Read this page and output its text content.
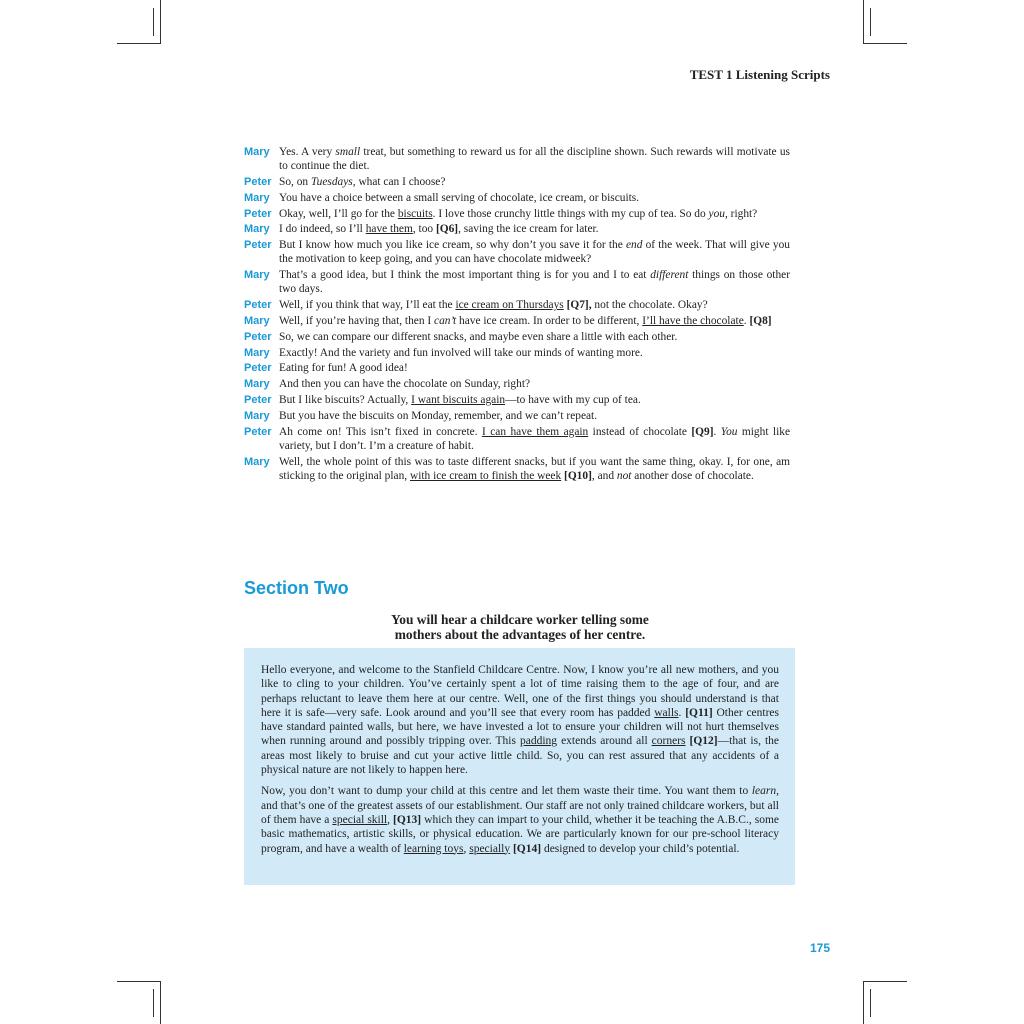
TEST 1 Listening Scripts
Mary Yes. A very small treat, but something to reward us for all the discipline shown. Such rewards will motivate us to continue the diet.
Peter So, on Tuesdays, what can I choose?
Mary You have a choice between a small serving of chocolate, ice cream, or biscuits.
Peter Okay, well, I’ll go for the biscuits. I love those crunchy little things with my cup of tea. So do you, right?
Mary I do indeed, so I’ll have them, too [Q6], saving the ice cream for later.
Peter But I know how much you like ice cream, so why don’t you save it for the end of the week. That will give you the motivation to keep going, and you can have chocolate midweek?
Mary That’s a good idea, but I think the most important thing is for you and I to eat different things on those other two days.
Peter Well, if you think that way, I’ll eat the ice cream on Thursdays [Q7], not the chocolate. Okay?
Mary Well, if you’re having that, then I can’t have ice cream. In order to be different, I’ll have the chocolate. [Q8]
Peter So, we can compare our different snacks, and maybe even share a little with each other.
Mary Exactly! And the variety and fun involved will take our minds of wanting more.
Peter Eating for fun! A good idea!
Mary And then you can have the chocolate on Sunday, right?
Peter But I like biscuits? Actually, I want biscuits again—to have with my cup of tea.
Mary But you have the biscuits on Monday, remember, and we can’t repeat.
Peter Ah come on! This isn’t fixed in concrete. I can have them again instead of chocolate [Q9]. You might like variety, but I don’t. I’m a creature of habit.
Mary Well, the whole point of this was to taste different snacks, but if you want the same thing, okay. I, for one, am sticking to the original plan, with ice cream to finish the week [Q10], and not another dose of chocolate.
Section Two
You will hear a childcare worker telling some
mothers about the advantages of her centre.

Hello everyone, and welcome to the Stanfield Childcare Centre. Now, I know you’re all new mothers, and you like to cling to your children. You’ve certainly spent a lot of time raising them to the age of four, and are perhaps reluctant to leave them here at our centre. Well, one of the first things you should understand is that here it is safe—very safe. Look around and you’ll see that every room has padded walls. [Q11] Other centres have standard painted walls, but here, we have invested a lot to ensure your children will not hurt themselves when running around and possibly tripping over. This padding extends around all corners [Q12]—that is, the areas most likely to bruise and cut your active little child. So, you can rest assured that any accidents of a physical nature are not likely to happen here.

Now, you don’t want to dump your child at this centre and let them waste their time. You want them to learn, and that’s one of the greatest assets of our establishment. Our staff are not only trained childcare workers, but all of them have a special skill, [Q13] which they can impart to your child, whether it be teaching the A.B.C., some basic mathematics, artistic skills, or physical education. We are particularly known for our pre-school literacy program, and have a wealth of learning toys, specially [Q14] designed to develop your child’s potential.

175
